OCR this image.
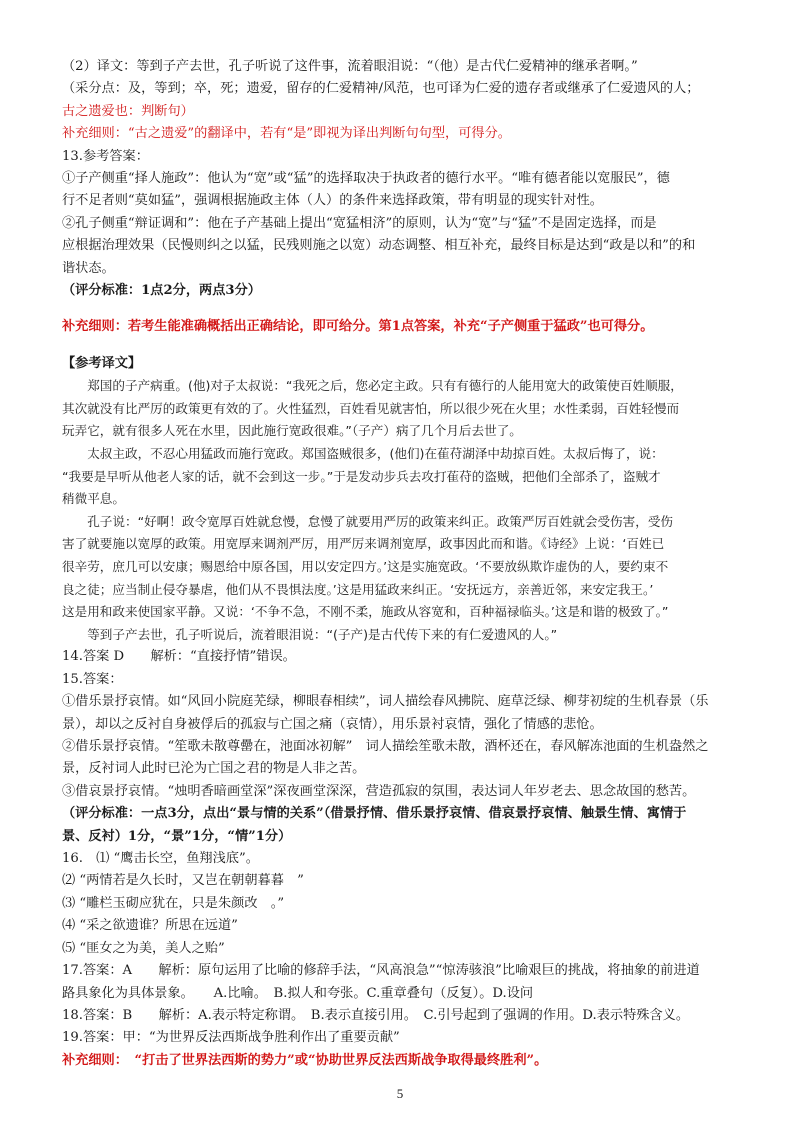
（2）译文：等到子产去世，孔子听说了这件事，流着眼泪说：“（他）是古代仁爱精神的继承者啊。”
（采分点：及，等到；卒，死；遗爱，留存的仁爱精神/风范，也可译为仁爱的遗存者或继承了仁爱遗风的人；
古之遗爱也：判断句）
补充细则：“古之遗爱”的翻译中，若有“是”即视为译出判断句句型，可得分。
13.参考答案：
①子产侧重“择人施政”：他认为“宽”或“猛”的选择取决于执政者的德行水平。“唯有德者能以宽服民”，德
行不足者则“莫如猛”，强调根据施政主体（人）的条件来选择政策，带有明显的现实针对性。
②孔子侧重“辩证调和”：他在子产基础上提出“宽猛相济”的原则，认为“宽”与“猛”不是固定选择，而是
应根据治理效果（民慢则纠之以猛，民残则施之以宽）动态调整、相互补充，最终目标是达到“政是以和”的和
谐状态。
（评分标准：1点2分，两点3分）
补充细则：若考生能准确概括出正确结论，即可给分。第1点答案，补充“子产侧重于猛政”也可得分。
【参考译文】
郑国的子产病重。(他)对子太叔说：“我死之后，您必定主政。只有有德行的人能用宽大的政策使百姓顺服，
其次就没有比严厉的政策更有效的了。火性猛烈，百姓看见就害怕，所以很少死在火里；水性柔弱，百姓轻慢而
玩弄它，就有很多人死在水里，因此施行宽政很难。”（子产）病了几个月后去世了。
太叔主政，不忍心用猛政而施行宽政。郑国盗贼很多，(他们)在萑苻湖泽中劫掠百姓。太叔后悔了，说：
“我要是早听从他老人家的话，就不会到这一步。”于是发动步兵去攻打萑苻的盗贼，把他们全部杀了，盗贼才
稍微平息。
孔子说：“好啊！政令宽厚百姓就怠慢，怠慢了就要用严厉的政策来纠正。政策严厉百姓就会受伤害，受伤
害了就要施以宽厚的政策。用宽厚来调剂严厉，用严厉来调剂宽厚，政事因此而和谐。《诗经》上说：‘百姓已
很辛劳，庶几可以安康；赐恩给中原各国，用以安定四方。’这是实施宽政。‘不要放纵欺诈虚伪的人，要约束不
良之徒；应当制止侵夺暴虐，他们从不畏惧法度。’这是用猛政来纠正。‘安抚远方，亲善近邻，来安定我王。’
这是用和政来使国家平静。又说：‘不争不急，不刚不柔，施政从容宽和，百种福禄临头。’这是和谐的极致了。”
等到子产去世，孔子听说后，流着眼泪说：“(子产)是古代传下来的有仁爱遗风的人。”
14.答案 D　　解析：“直接抒情”错误。
15.答案：
①借乐景抒哀情。如“风回小院庭芜绿，柳眼春相续”，词人描绘春风拂院、庭草泛绿、柳芽初绽的生机春景（乐
景），却以之反衬自身被俘后的孤寂与亡国之痛（哀情），用乐景衬哀情，强化了情感的悲怆。
②借乐景抒哀情。“笙歌未散尊罍在，池面冰初解”　词人描绘笙歌未散，酒杯还在，春风解冻池面的生机盎然之
景，反衬词人此时已沦为亡国之君的物是人非之苦。
③借哀景抒哀情。“烛明香暗画堂深”深夜画堂深深，营造孤寂的氛围，表达词人年岁老去、思念故国的愁苦。
（评分标准：一点3分，点出“景与情的关系”（借景抒情、借乐景抒哀情、借哀景抒哀情、触景生情、寓情于
景、反衬）1分，“景”1分，“情”1分）
16.　⑴ “鹰击长空，鱼翔浅底”。
⑵ “两情若是久长时，又岂在朝朝暮暮　”
⑶ “雕栏玉砌应犹在，只是朱颜改　。”
⑷ “采之欲遗谁？所思在远道”
⑸ “匪女之为美，美人之贻”
17.答案：A　　解析：原句运用了比喻的修辞手法，“风高浪急”“惊涛骇浪”比喻艰巨的挑战，将抽象的前进道
路具象化为具体景象。　　A.比喻。　B.拟人和夸张。C.重章叠句（反复）。D.设问
18.答案：B　　解析：A.表示特定称谓。　B.表示直接引用。　C.引号起到了强调的作用。D.表示特殊含义。
19.答案：甲：“为世界反法西斯战争胜利作出了重要贡献”
补充细则：　“打击了世界法西斯的势力”或“协助世界反法西斯战争取得最终胜利”。
5
